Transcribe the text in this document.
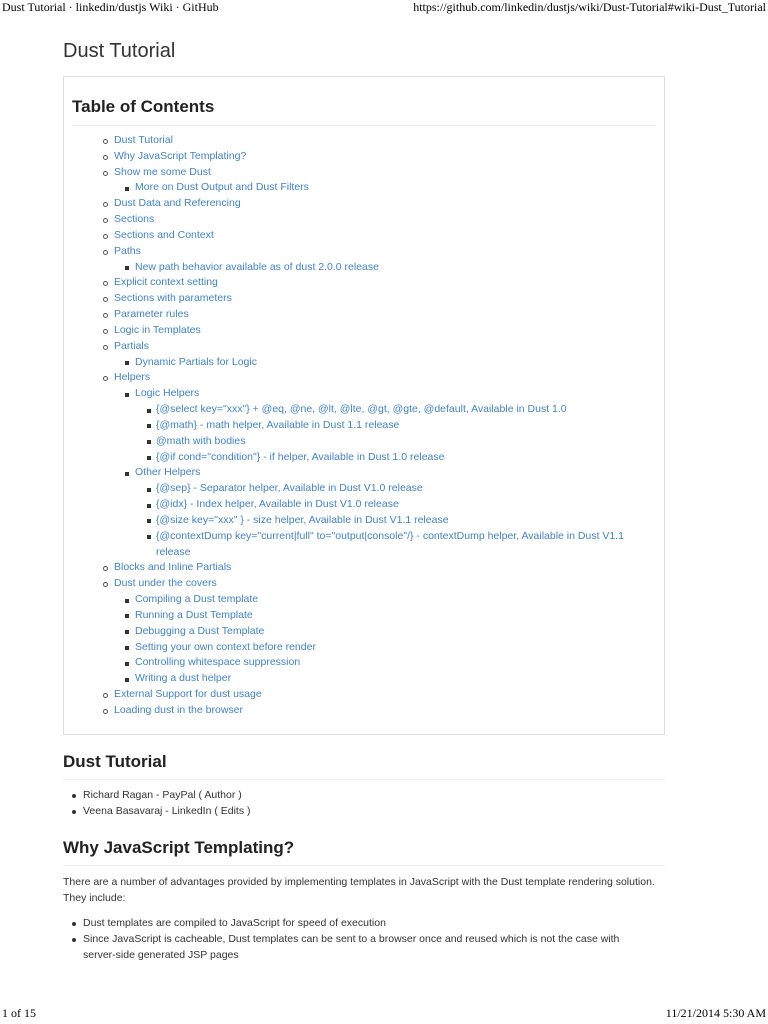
Dust Tutorial · linkedin/dustjs Wiki · GitHub	https://github.com/linkedin/dustjs/wiki/Dust-Tutorial#wiki-Dust_Tutorial
Dust Tutorial
Table of Contents
Dust Tutorial
Why JavaScript Templating?
Show me some Dust
More on Dust Output and Dust Filters
Dust Data and Referencing
Sections
Sections and Context
Paths
New path behavior available as of dust 2.0.0 release
Explicit context setting
Sections with parameters
Parameter rules
Logic in Templates
Partials
Dynamic Partials for Logic
Helpers
Logic Helpers
{@select key="xxx"} + @eq, @ne, @lt, @lte, @gt, @gte, @default, Available in Dust 1.0
{@math} - math helper, Available in Dust 1.1 release
@math with bodies
{@if cond="condition"} - if helper, Available in Dust 1.0 release
Other Helpers
{@sep} - Separator helper, Available in Dust V1.0 release
{@idx} - Index helper, Available in Dust V1.0 release
{@size key="xxx" } - size helper, Available in Dust V1.1 release
{@contextDump key="current|full" to="output|console"/} - contextDump helper, Available in Dust V1.1 release
Blocks and Inline Partials
Dust under the covers
Compiling a Dust template
Running a Dust Template
Debugging a Dust Template
Setting your own context before render
Controlling whitespace suppression
Writing a dust helper
External Support for dust usage
Loading dust in the browser
Dust Tutorial
Richard Ragan - PayPal ( Author )
Veena Basavaraj - LinkedIn ( Edits )
Why JavaScript Templating?

There are a number of advantages provided by implementing templates in JavaScript with the Dust template rendering solution. They include:

Dust templates are compiled to JavaScript for speed of execution
Since JavaScript is cacheable, Dust templates can be sent to a browser once and reused which is not the case with server-side generated JSP pages
1 of 15	11/21/2014 5:30 AM
